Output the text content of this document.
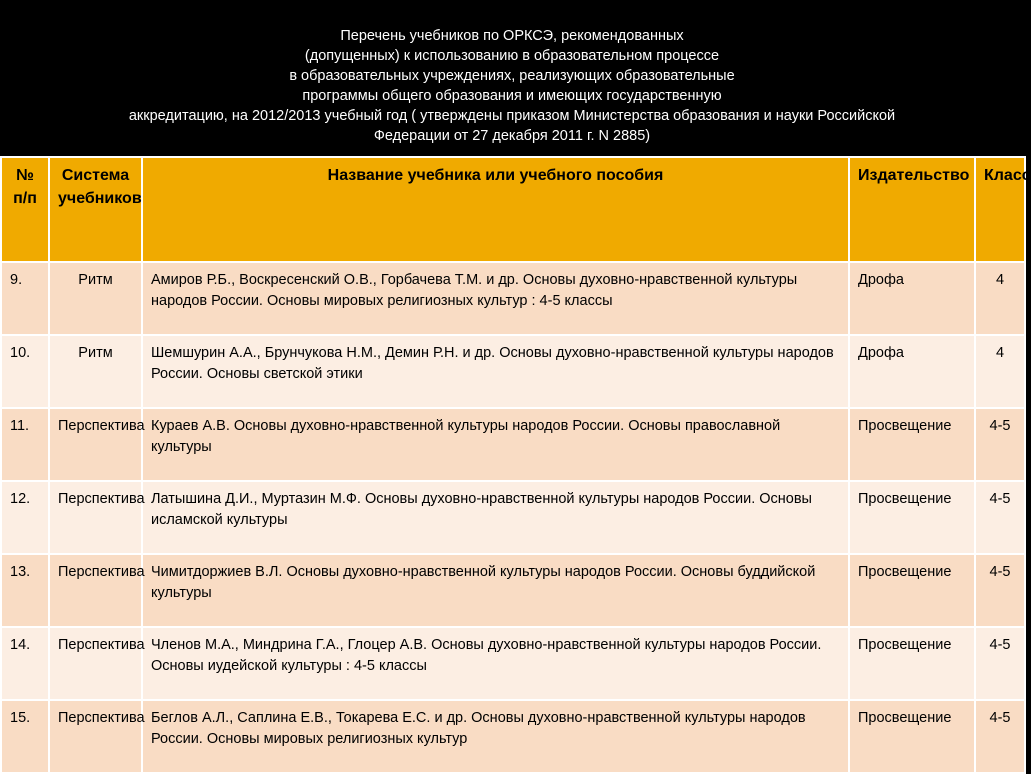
Перечень учебников по ОРКСЭ, рекомендованных
(допущенных) к использованию в образовательном процессе
в образовательных учреждениях, реализующих образовательные
программы общего образования и имеющих государственную
аккредитацию, на 2012/2013 учебный год ( утверждены приказом Министерства образования и науки Российской
Федерации от 27 декабря 2011 г. N 2885)
№ п/п	Система учебников	Название учебника или учебного пособия	Издательство	Класс
9.	Ритм	Амиров Р.Б., Воскресенский О.В., Горбачева Т.М. и др. Основы духовно-нравственной культуры народов России. Основы мировых религиозных культур : 4-5 классы	Дрофа	4
10.	Ритм	Шемшурин А.А., Брунчукова Н.М., Демин Р.Н. и др. Основы духовно-нравственной культуры народов России. Основы светской этики	Дрофа	4
11.	Перспектива	Кураев А.В. Основы духовно-нравственной культуры народов России. Основы православной культуры	Просвещение	4-5
12.	Перспектива	Латышина Д.И., Муртазин М.Ф. Основы духовно-нравственной культуры народов России. Основы исламской культуры	Просвещение	4-5
13.	Перспектива	Чимитдоржиев В.Л. Основы духовно-нравственной культуры народов России. Основы буддийской культуры	Просвещение	4-5
14.	Перспектива	Членов М.А., Миндрина Г.А., Глоцер А.В. Основы духовно-нравственной культуры народов России. Основы иудейской культуры : 4-5 классы	Просвещение	4-5
15.	Перспектива	Беглов А.Л., Саплина Е.В., Токарева Е.С. и др. Основы духовно-нравственной культуры народов России. Основы мировых религиозных культур	Просвещение	4-5
